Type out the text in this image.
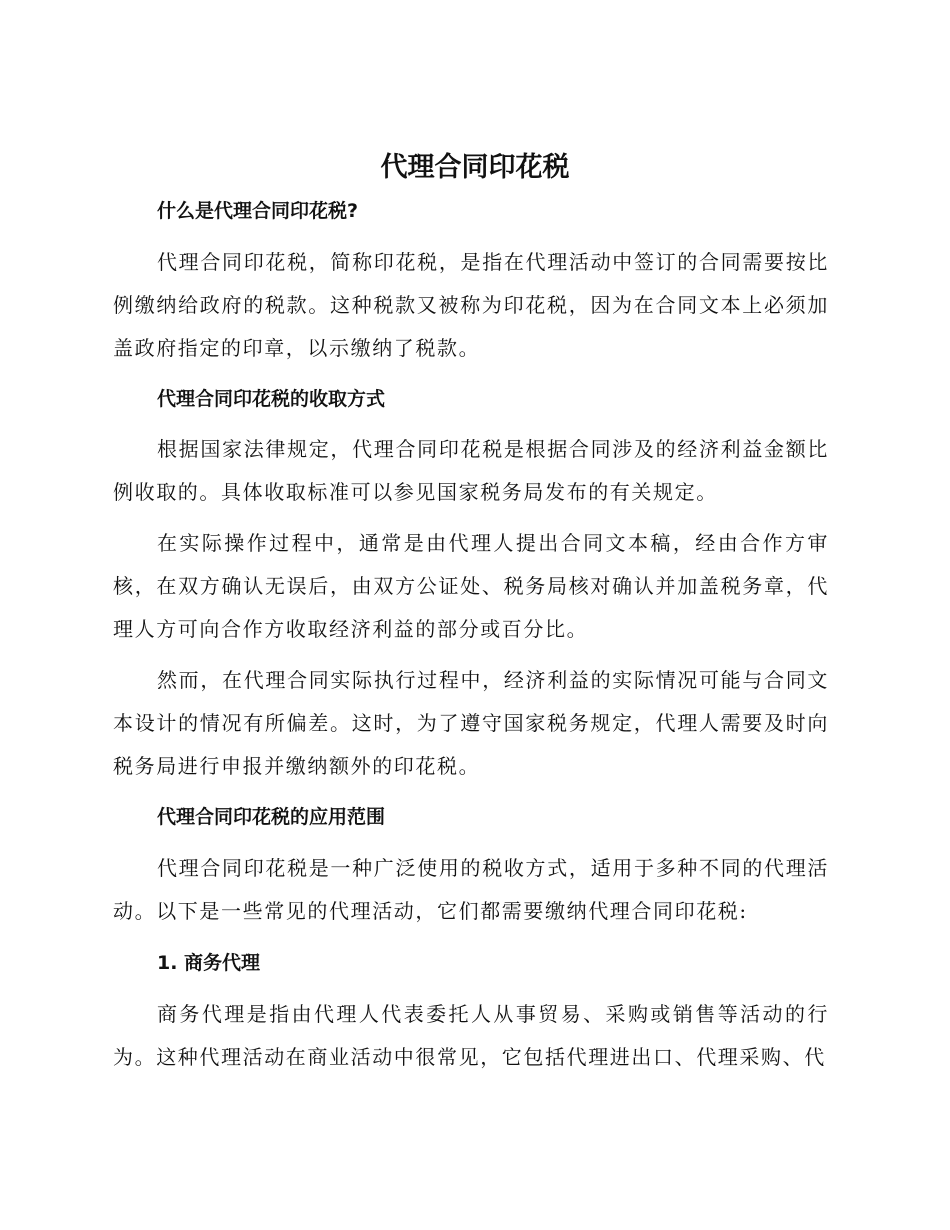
代理合同印花税
什么是代理合同印花税?

代理合同印花税，简称印花税，是指在代理活动中签订的合同需要按比例缴纳给政府的税款。这种税款又被称为印花税，因为在合同文本上必须加盖政府指定的印章，以示缴纳了税款。

代理合同印花税的收取方式

根据国家法律规定，代理合同印花税是根据合同涉及的经济利益金额比例收取的。具体收取标准可以参见国家税务局发布的有关规定。

在实际操作过程中，通常是由代理人提出合同文本稿，经由合作方审核，在双方确认无误后，由双方公证处、税务局核对确认并加盖税务章，代理人方可向合作方收取经济利益的部分或百分比。

然而，在代理合同实际执行过程中，经济利益的实际情况可能与合同文本设计的情况有所偏差。这时，为了遵守国家税务规定，代理人需要及时向税务局进行申报并缴纳额外的印花税。

代理合同印花税的应用范围

代理合同印花税是一种广泛使用的税收方式，适用于多种不同的代理活动。以下是一些常见的代理活动，它们都需要缴纳代理合同印花税:

1. 商务代理

商务代理是指由代理人代表委托人从事贸易、采购或销售等活动的行为。这种代理活动在商业活动中很常见，它包括代理进出口、代理采购、代
